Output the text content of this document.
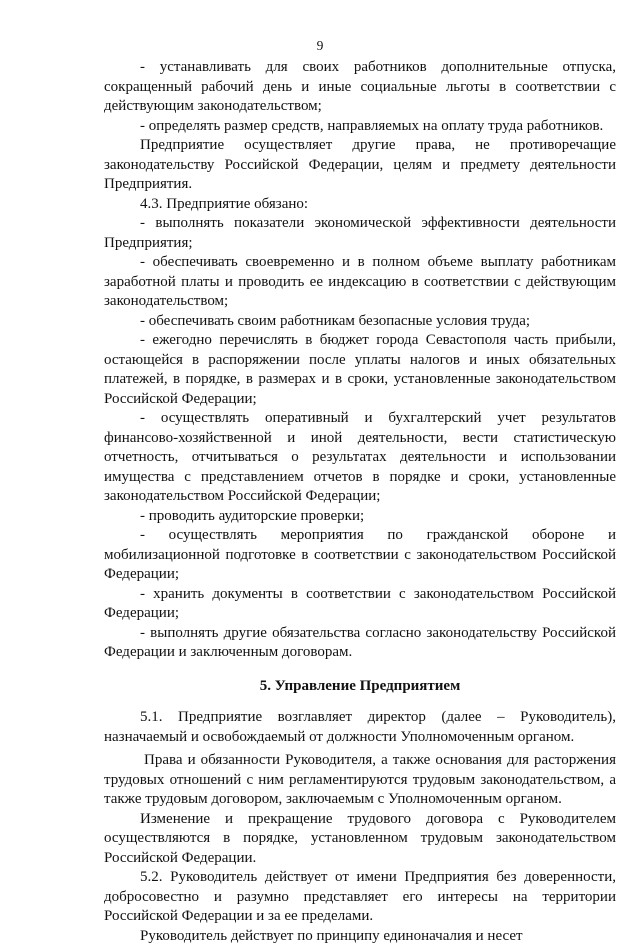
9

- устанавливать для своих работников дополнительные отпуска, сокращенный рабочий день и иные социальные льготы в соответствии с действующим законодательством;

- определять размер средств, направляемых на оплату труда работников.

Предприятие осуществляет другие права, не противоречащие законодательству Российской Федерации, целям и предмету деятельности Предприятия.

4.3. Предприятие обязано:

- выполнять показатели экономической эффективности деятельности Предприятия;

- обеспечивать своевременно и в полном объеме выплату работникам заработной платы и проводить ее индексацию в соответствии с действующим законодательством;

- обеспечивать своим работникам безопасные условия труда;

- ежегодно перечислять в бюджет города Севастополя часть прибыли, остающейся в распоряжении после уплаты налогов и иных обязательных платежей, в порядке, в размерах и в сроки, установленные законодательством Российской Федерации;

- осуществлять оперативный и бухгалтерский учет результатов финансово-хозяйственной и иной деятельности, вести статистическую отчетность, отчитываться о результатах деятельности и использовании имущества с представлением отчетов в порядке и сроки, установленные законодательством Российской Федерации;

- проводить аудиторские проверки;

- осуществлять мероприятия по гражданской обороне и мобилизационной подготовке в соответствии с законодательством Российской Федерации;

- хранить документы в соответствии с законодательством Российской Федерации;

- выполнять другие обязательства согласно законодательству Российской Федерации и заключенным договорам.

5. Управление Предприятием

5.1. Предприятие возглавляет директор (далее – Руководитель), назначаемый и освобождаемый от должности Уполномоченным органом.

Права и обязанности Руководителя, а также основания для расторжения трудовых отношений с ним регламентируются трудовым законодательством, а также трудовым договором, заключаемым с Уполномоченным органом.

Изменение и прекращение трудового договора с Руководителем осуществляются в порядке, установленном трудовым законодательством Российской Федерации.

5.2. Руководитель действует от имени Предприятия без доверенности, добросовестно и разумно представляет его интересы на территории Российской Федерации и за ее пределами.

Руководитель действует по принципу единоначалия и несет
